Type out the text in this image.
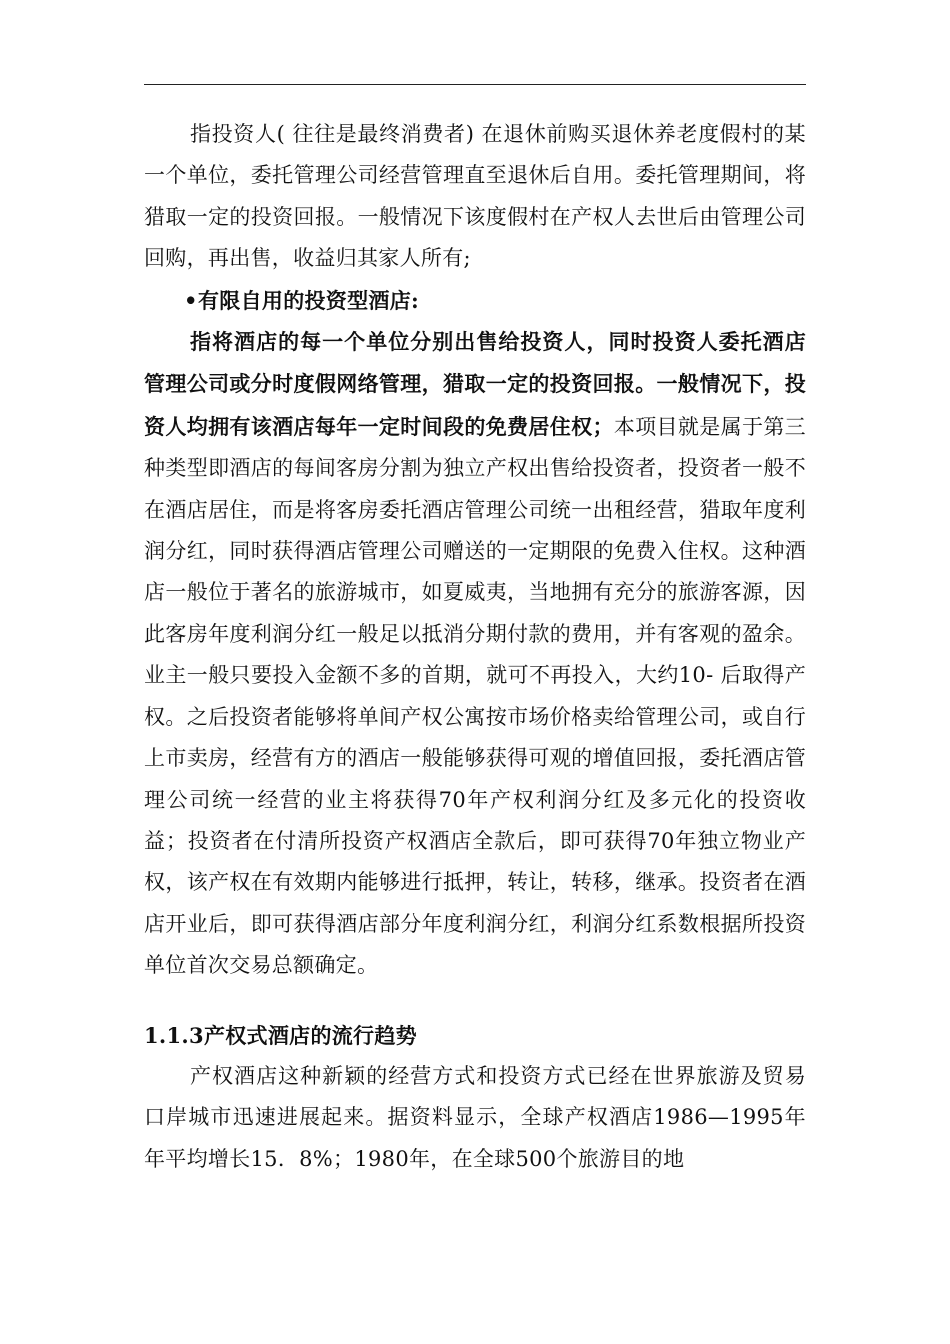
指投资人( 往往是最终消费者) 在退休前购买退休养老度假村的某一个单位，委托管理公司经营管理直至退休后自用。委托管理期间，将猎取一定的投资回报。一般情况下该度假村在产权人去世后由管理公司回购，再出售，收益归其家人所有;

•有限自用的投资型酒店:

指将酒店的每一个单位分别出售给投资人，同时投资人委托酒店管理公司或分时度假网络管理，猎取一定的投资回报。一般情况下，投资人均拥有该酒店每年一定时间段的免费居住权；本项目就是属于第三种类型即酒店的每间客房分割为独立产权出售给投资者，投资者一般不在酒店居住，而是将客房委托酒店管理公司统一出租经营，猎取年度利润分红，同时获得酒店管理公司赠送的一定期限的免费入住权。这种酒店一般位于著名的旅游城市，如夏威夷，当地拥有充分的旅游客源，因此客房年度利润分红一般足以抵消分期付款的费用，并有客观的盈余。业主一般只要投入金额不多的首期，就可不再投入，大约10- 后取得产权。之后投资者能够将单间产权公寓按市场价格卖给管理公司，或自行上市卖房，经营有方的酒店一般能够获得可观的增值回报，委托酒店管理公司统一经营的业主将获得70年产权利润分红及多元化的投资收益；投资者在付清所投资产权酒店全款后，即可获得70年独立物业产权，该产权在有效期内能够进行抵押，转让，转移，继承。投资者在酒店开业后，即可获得酒店部分年度利润分红，利润分红系数根据所投资单位首次交易总额确定。

1.1.3产权式酒店的流行趋势

产权酒店这种新颖的经营方式和投资方式已经在世界旅游及贸易口岸城市迅速进展起来。据资料显示，全球产权酒店1986—1995年年平均增长15．8%；1980年，在全球500个旅游目的地
